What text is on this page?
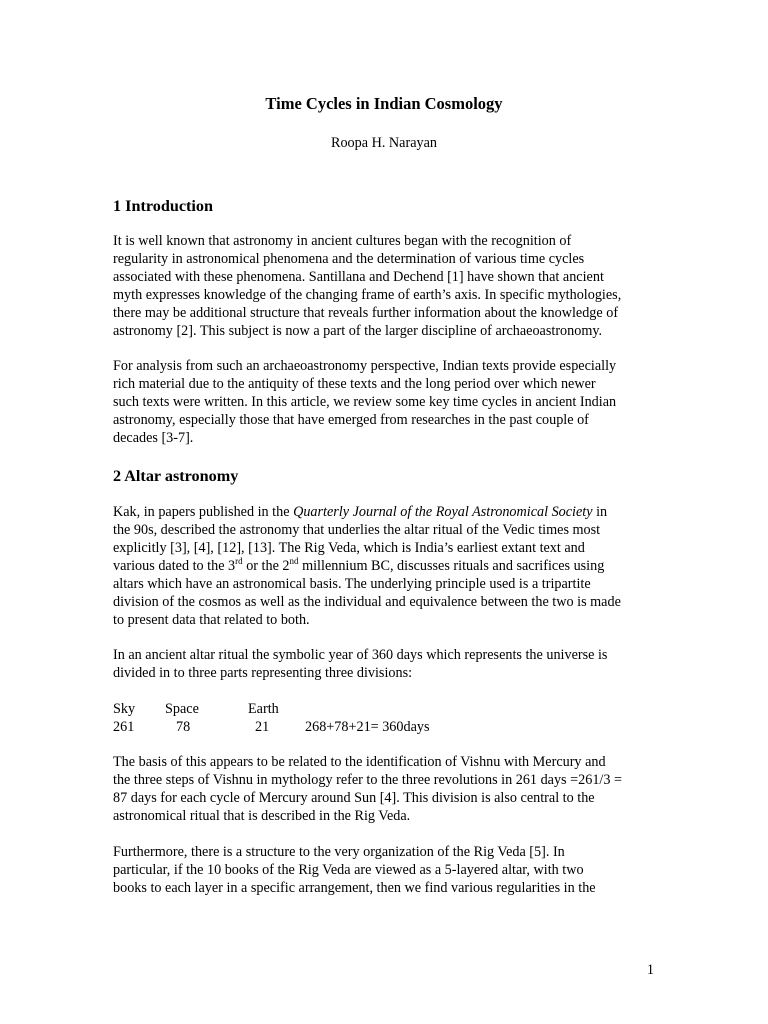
Time Cycles in Indian Cosmology
Roopa H. Narayan
1 Introduction

It is well known that astronomy in ancient cultures began with the recognition of
regularity in astronomical phenomena and the determination of various time cycles
associated with these phenomena. Santillana and Dechend [1] have shown that ancient
myth expresses knowledge of the changing frame of earth’s axis. In specific mythologies,
there may be additional structure that reveals further information about the knowledge of
astronomy [2]. This subject is now a part of the larger discipline of archaeoastronomy.

For analysis from such an archaeoastronomy perspective, Indian texts provide especially
rich material due to the antiquity of these texts and the long period over which newer
such texts were written. In this article, we review some key time cycles in ancient Indian
astronomy, especially those that have emerged from researches in the past couple of
decades [3-7].

2 Altar astronomy

Kak, in papers published in the Quarterly Journal of the Royal Astronomical Society in
the 90s, described the astronomy that underlies the altar ritual of the Vedic times most
explicitly [3], [4], [12], [13]. The Rig Veda, which is India’s earliest extant text and
various dated to the 3rd or the 2nd millennium BC, discusses rituals and sacrifices using
altars which have an astronomical basis. The underlying principle used is a tripartite
division of the cosmos as well as the individual and equivalence between the two is made
to present data that related to both.

In an ancient altar ritual the symbolic year of 360 days which represents the universe is
divided in to three parts representing three divisions:

Sky Space	Earth
261	78	21	268+78+21= 360days

The basis of this appears to be related to the identification of Vishnu with Mercury and
the three steps of Vishnu in mythology refer to the three revolutions in 261 days =261/3 =
87 days for each cycle of Mercury around Sun [4]. This division is also central to the
astronomical ritual that is described in the Rig Veda.

Furthermore, there is a structure to the very organization of the Rig Veda [5]. In
particular, if the 10 books of the Rig Veda are viewed as a 5-layered altar, with two
books to each layer in a specific arrangement, then we find various regularities in the

1
